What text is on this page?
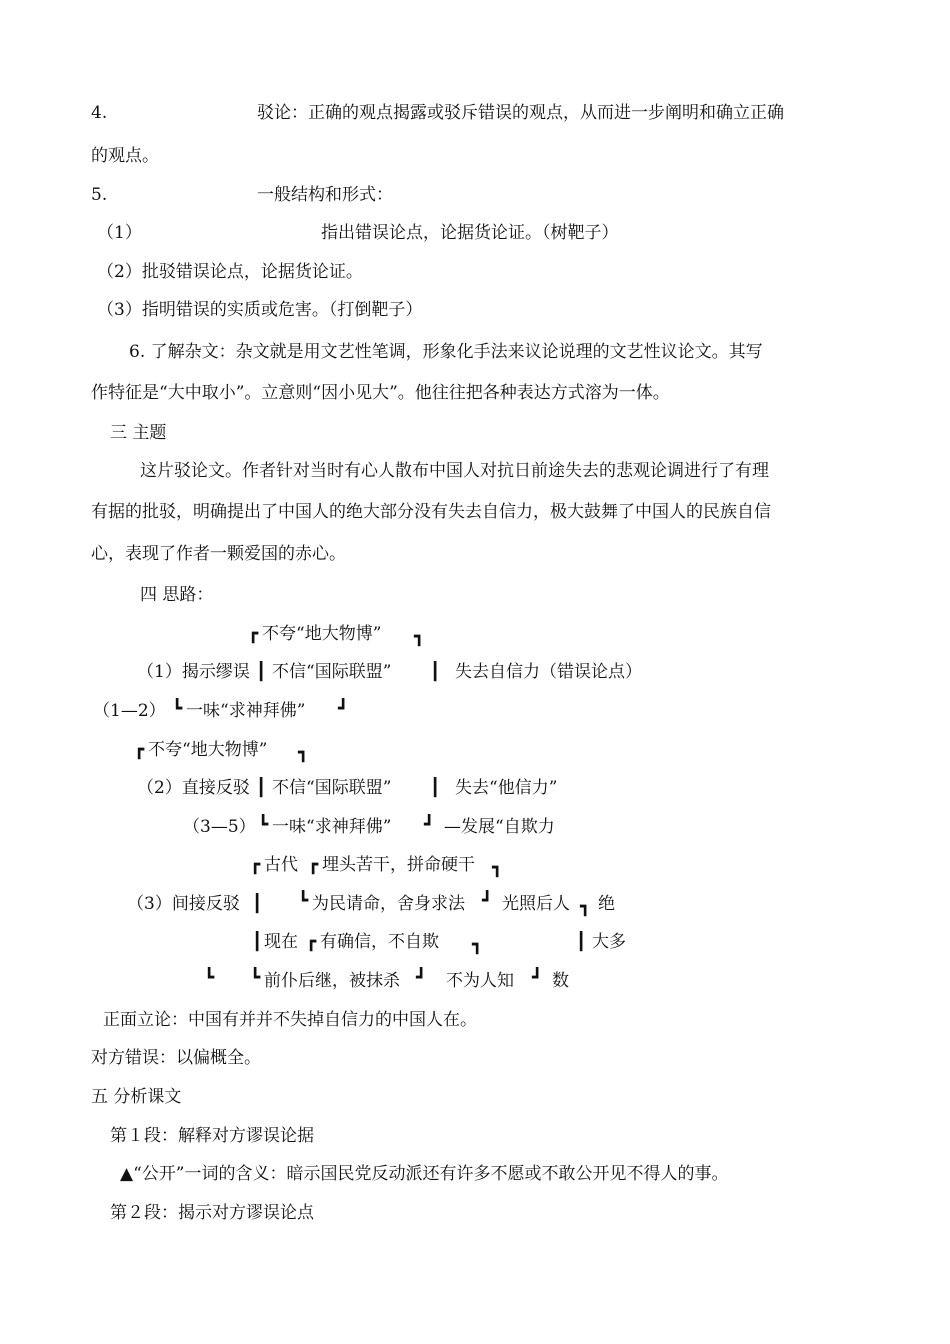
4.	驳论：正确的观点揭露或驳斥错误的观点，从而进一步阐明和确立正确
的观点。
5.	一般结构和形式：
（1）	指出错误论点，论据货论证。（树靶子）
（2）批驳错误论点，论据货论证。
（3）指明错误的实质或危害。（打倒靶子）
6. 了解杂文：杂文就是用文艺性笔调，形象化手法来议论说理的文艺性议论文。其写
作特征是“大中取小”。立意则“因小见大”。他往往把各种表达方式溶为一体。
三 主题
这片驳论文。作者针对当时有心人散布中国人对抗日前途失去的悲观论调进行了有理
有据的批驳，明确提出了中国人的绝大部分没有失去自信力，极大鼓舞了中国人的民族自信
心，表现了作者一颗爱国的赤心。
四 思路：
┏ 不夸“地大物博” ┓
（1）揭示缪误 ┃ 不信“国际联盟” ┃ 失去自信力（错误论点）
（1—2） ┗ 一味“求神拜佛” ┛
┏ 不夸“地大物博” ┓
（2）直接反驳 ┃ 不信“国际联盟” ┃ 失去“他信力”
（3—5） ┗ 一味“求神拜佛” ┛ —发展“自欺力
┏ 古代 ┏ 埋头苦干，拼命硬干 ┓
（3）间接反驳 ┃ ┗ 为民请命，舍身求法 ┛ 光照后人 ┓ 绝
┃ 现在 ┏ 有确信，不自欺 ┓	┃ 大多
┗ ┗ 前仆后继，被抹杀 ┛ 不为人知 ┛ 数
正面立论：中国有并并不失掉自信力的中国人在。
对方错误：以偏概全。
五 分析课文
第１段：解释对方谬误论据
▲“公开”一词的含义：暗示国民党反动派还有许多不愿或不敢公开见不得人的事。
第２段：揭示对方谬误论点
